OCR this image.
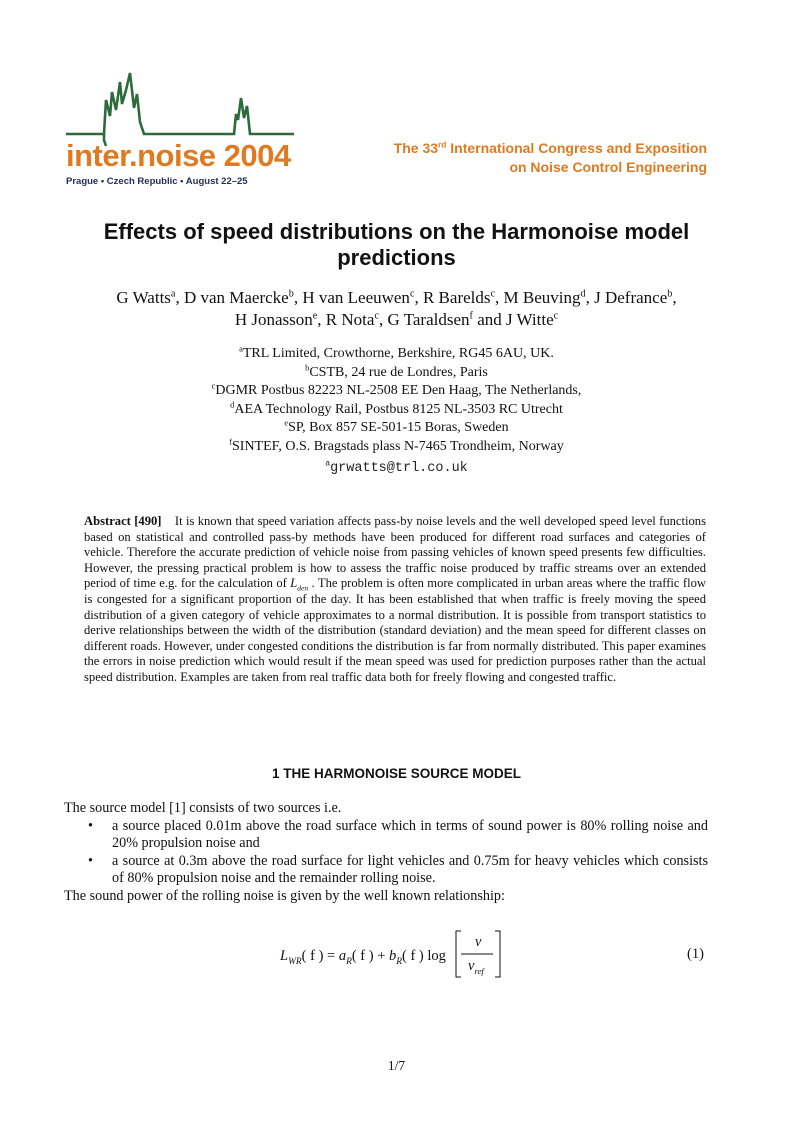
inter.noise 2004
Prague • Czech Republic • August 22–25
The 33rd International Congress and Exposition
on Noise Control Engineering
Effects of speed distributions on the Harmonoise model
predictions
G Watts$^a$, D van Maercke$^b$, H van Leeuwen$^c$, R Barelds$^c$, M Beuving$^d$, J Defrance$^b$,
H Jonasson$^e$, R Nota$^c$, G Taraldsen$^f$ and J Witte$^c$
$^a$TRL Limited, Crowthorne, Berkshire, RG45 6AU, UK.
$^b$CSTB, 24 rue de Londres, Paris
$^c$DGMR Postbus 82223 NL-2508 EE Den Haag, The Netherlands,
$^d$AEA Technology Rail, Postbus 8125 NL-3503 RC Utrecht
$^e$SP, Box 857 SE-501-15 Boras, Sweden
$^f$SINTEF, O.S. Bragstads plass N-7465 Trondheim, Norway
$^a$grwatts@trl.co.uk
Abstract [490] It is known that speed variation affects pass-by noise levels and the well developed speed level functions based on statistical and controlled pass-by methods have been produced for different road surfaces and categories of vehicle. Therefore the accurate prediction of vehicle noise from passing vehicles of known speed presents few difficulties. However, the pressing practical problem is how to assess the traffic noise produced by traffic streams over an extended period of time e.g. for the calculation of $L_{den}$ . The problem is often more complicated in urban areas where the traffic flow is congested for a significant proportion of the day. It has been established that when traffic is freely moving the speed distribution of a given category of vehicle approximates to a normal distribution. It is possible from transport statistics to derive relationships between the width of the distribution (standard deviation) and the mean speed for different classes on different roads. However, under congested conditions the distribution is far from normally distributed. This paper examines the errors in noise prediction which would result if the mean speed was used for prediction purposes rather than the actual speed distribution. Examples are taken from real traffic data both for freely flowing and congested traffic.
1 THE HARMONOISE SOURCE MODEL

The source model [1] consists of two sources i.e.

• a source placed 0.01m above the road surface which in terms of sound power is 80% rolling noise and 20% propulsion noise and
• a source at 0.3m above the road surface for light vehicles and 0.75m for heavy vehicles which consists of 80% propulsion noise and the remainder rolling noise.

The sound power of the rolling noise is given by the well known relationship:

$L_{WR}$( f ) = $a_R$( f ) + $b_R$( f ) log
v
$v_{ref}$
(1)
1/7
